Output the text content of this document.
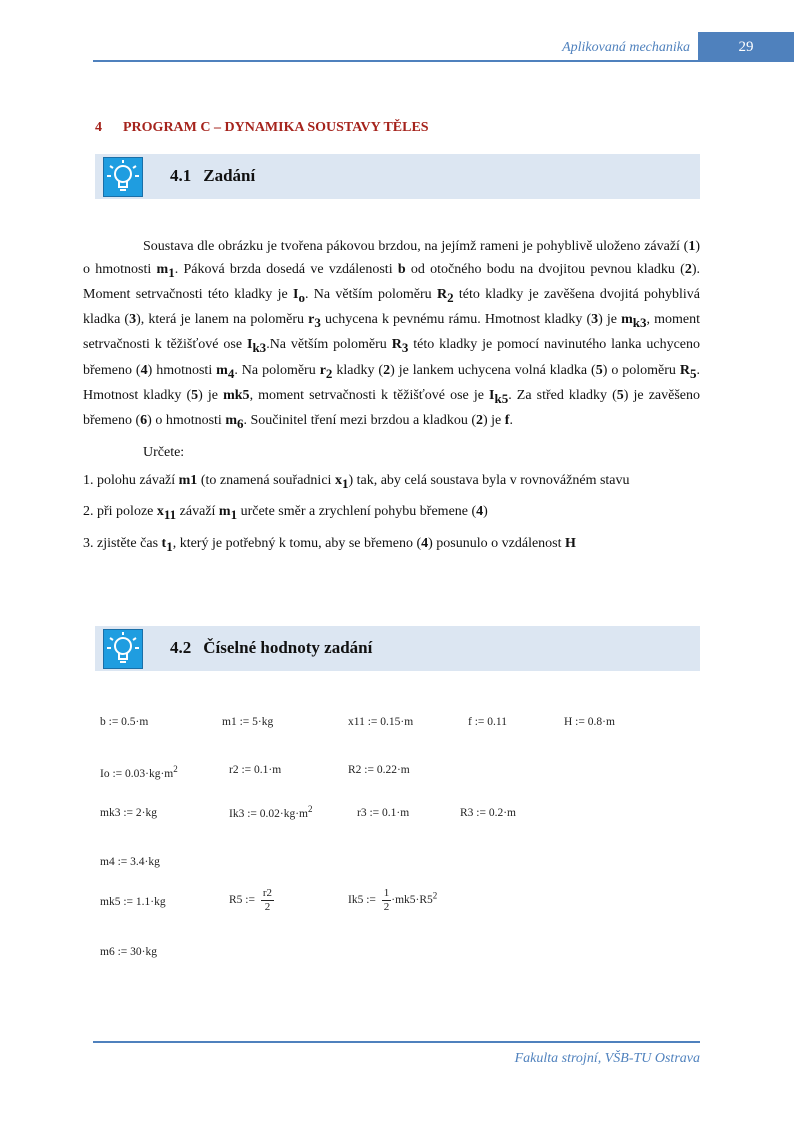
Aplikovaná mechanika	29
4 PROGRAM C – DYNAMIKA SOUSTAVY TĚLES
4.1 Zadání

Soustava dle obrázku je tvořena pákovou brzdou, na jejímž rameni je pohyblivě uloženo závaží (1) o hmotnosti $m_1$. Páková brzda dosedá ve vzdálenosti b od otočného bodu na dvojitou pevnou kladku (2). Moment setrvačnosti této kladky je $I_o$. Na větším poloměru $R_2$ této kladky je zavěšena dvojitá pohyblivá kladka (3), která je lanem na poloměru $r_3$ uchycena k pevnému rámu. Hmotnost kladky (3) je $m_{k3}$, moment setrvačnosti k těžišťové ose $I_{k3}.Na$ větším poloměru $R_3$ této kladky je pomocí navinutého lanka uchyceno břemeno (4) hmotnosti $m_4$. Na poloměru $r_2$ kladky (2) je lankem uchycena volná kladka (5) o poloměru $R_5$. Hmotnost kladky (5) je mk5, moment setrvačnosti k těžišťové ose je $I_{k5}$. Za střed kladky (5) je zavěšeno břemeno (6) o hmotnosti $m_6$. Součinitel tření mezi brzdou a kladkou (2) je f.

Určete:
1. polohu závaží m1 (to znamená souřadnici $x_1$) tak, aby celá soustava byla v rovnovážném stavu
2. při poloze $x_{11}$ závaží $m_1$ určete směr a zrychlení pohybu břemene (4)
3. zjistěte čas $t_1$, který je potřebný k tomu, aby se břemeno (4) posunulo o vzdálenost H
4.2 Číselné hodnoty zadání
b := 0.5·m	m1 := 5·kg	x11 := 0.15·m	f := 0.11	H := 0.8·m
Io := $0.03\cdot kg\cdot m^2$	r2 := 0.1·m	R2 := 0.22·m
mk3 := 2·kg	Ik3 := $0.02\cdot kg\cdot m^2$	r3 := 0.1·m	R3 := 0.2·m
m4 := 3.4·kg
mk5 := 1.1·kg	R5 := $\frac{r2}{2}$	Ik5 := $\frac{1}{2} \cdot mk5\cdot R5^2$
m6 := 30·kg
Fakulta strojní, VŠB-TU Ostrava
